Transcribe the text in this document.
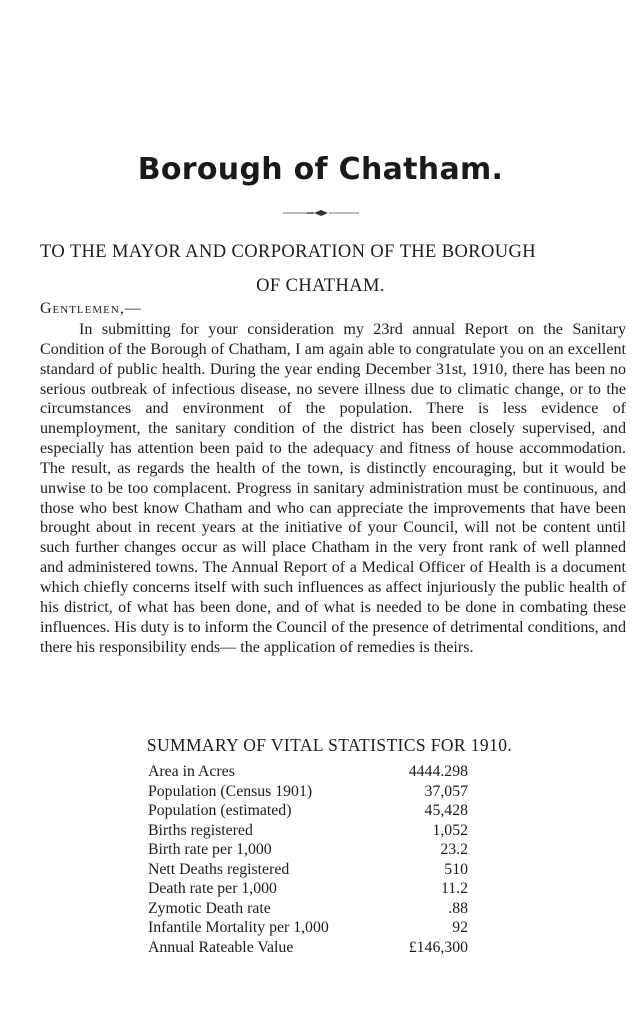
Borough of Chatham.
TO THE MAYOR AND CORPORATION OF THE BOROUGH
OF CHATHAM.
Gentlemen,—

In submitting for your consideration my 23rd annual Report on the Sanitary Condition of the Borough of Chatham, I am again able to congratulate you on an excellent standard of public health. During the year ending December 31st, 1910, there has been no serious outbreak of infectious disease, no severe illness due to climatic change, or to the circumstances and environment of the population. There is less evidence of unemployment, the sanitary condition of the district has been closely supervised, and especially has attention been paid to the adequacy and fitness of house accommodation. The result, as regards the health of the town, is distinctly encouraging, but it would be unwise to be too complacent. Progress in sanitary administration must be continuous, and those who best know Chatham and who can appreciate the improvements that have been brought about in recent years at the initiative of your Council, will not be content until such further changes occur as will place Chatham in the very front rank of well planned and administered towns. The Annual Report of a Medical Officer of Health is a document which chiefly concerns itself with such influences as affect injuriously the public health of his district, of what has been done, and of what is needed to be done in combating these influences. His duty is to inform the Council of the presence of detrimental conditions, and there his responsibility ends— the application of remedies is theirs.

SUMMARY OF VITAL STATISTICS FOR 1910.
Area in Acres	4444.298
Population (Census 1901)	37,057
Population (estimated)	45,428
Births registered	1,052
Birth rate per 1,000	23.2
Nett Deaths registered	510
Death rate per 1,000	11.2
Zymotic Death rate	.88
Infantile Mortality per 1,000	92
Annual Rateable Value	£146,300
